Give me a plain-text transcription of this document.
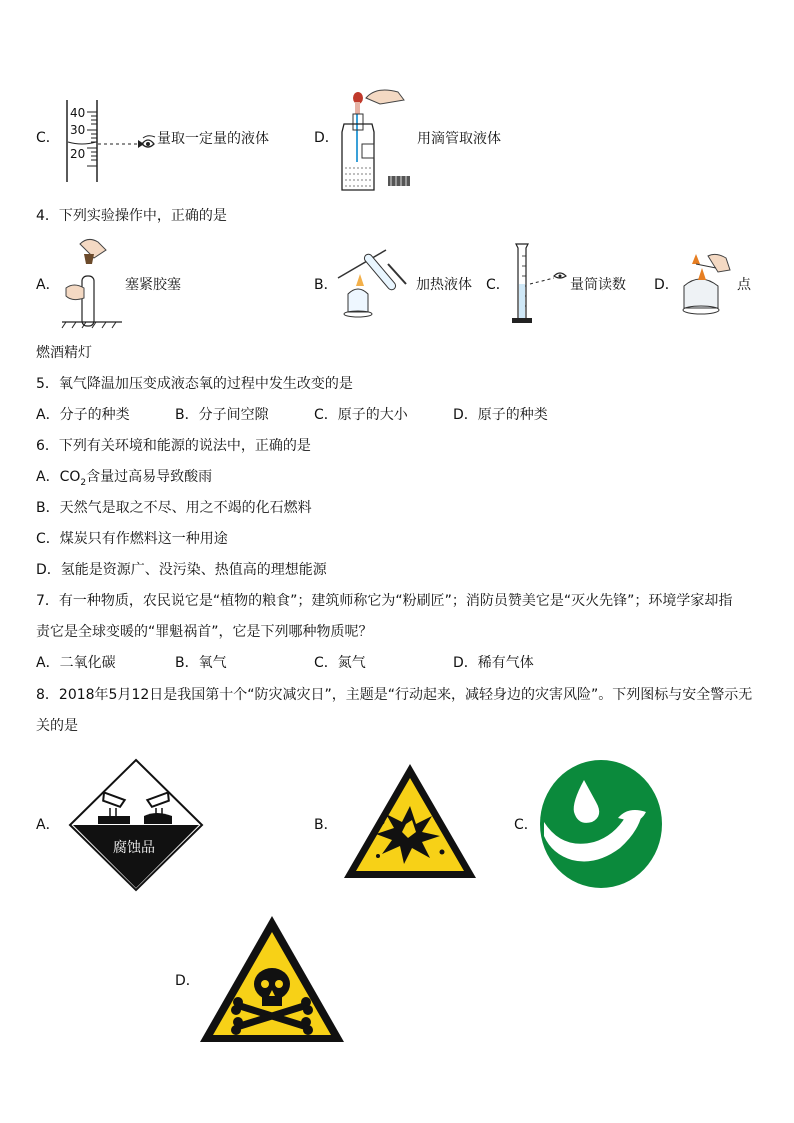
C．
40
30
20
量取一定量的液体	D．	用滴管取液体
4．下列实验操作中，正确的是
A．	塞紧胶塞	B．	加热液体 C．	量筒读数 D．	点
燃酒精灯
5．氧气降温加压变成液态氧的过程中发生改变的是
A．分子的种类	B．分子间空隙	C．原子的大小	D．原子的种类
6．下列有关环境和能源的说法中，正确的是
A．$CO_2$含量过高易导致酸雨
B．天然气是取之不尽、用之不竭的化石燃料
C．煤炭只有作燃料这一种用途
D．氢能是资源广、没污染、热值高的理想能源
7．有一种物质，农民说它是“植物的粮食”；建筑师称它为“粉刷匠”；消防员赞美它是“灭火先锋”；环境学家却指
责它是全球变暖的“罪魁祸首”，它是下列哪种物质呢？
A．二氧化碳	B．氧气	C．氮气	D．稀有气体
8．2018年5月12日是我国第十个“防灾减灾日”，主题是“行动起来，减轻身边的灾害风险”。下列图标与安全警示无
关的是
A．
腐蚀品
B．	C．
D．
